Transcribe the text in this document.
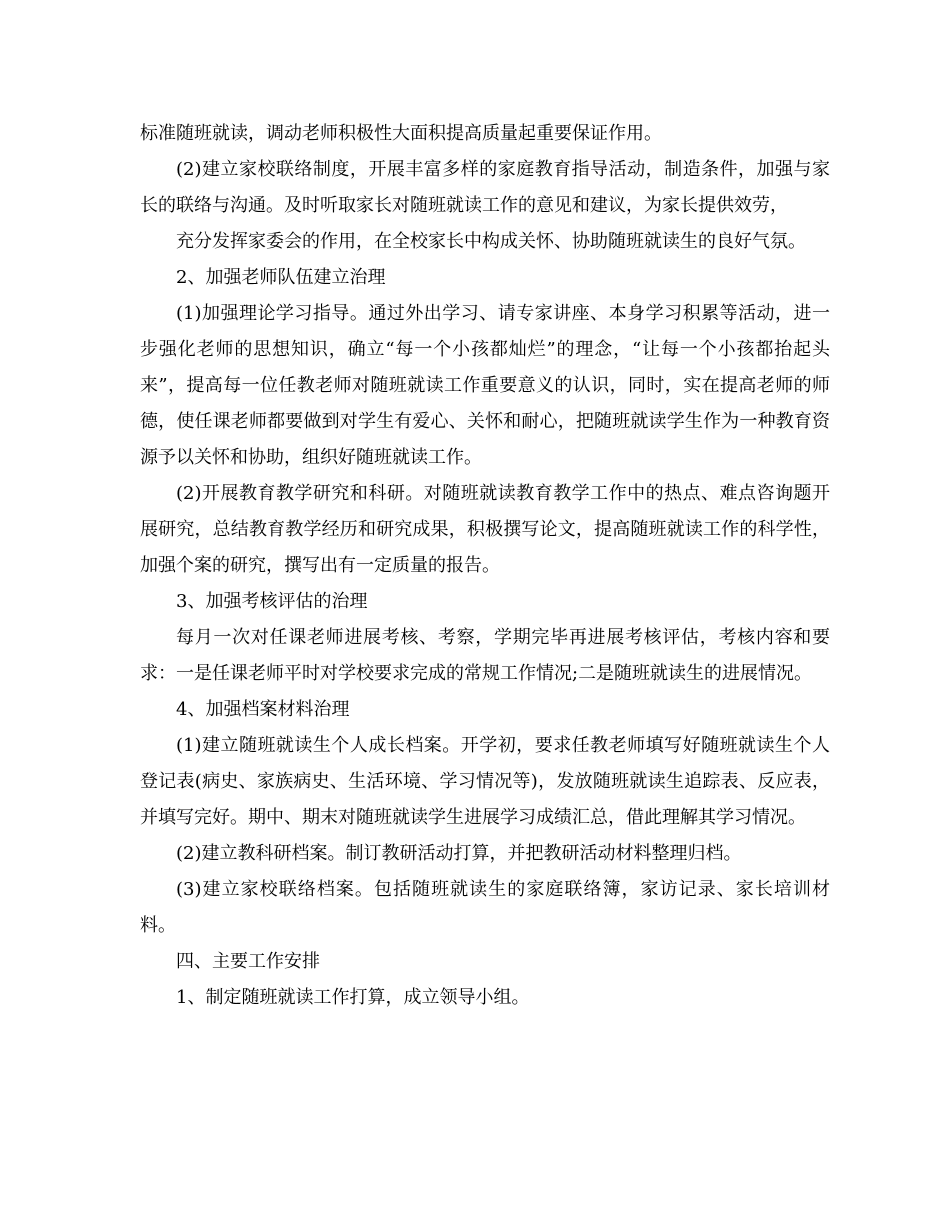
标准随班就读，调动老师积极性大面积提高质量起重要保证作用。

(2)建立家校联络制度，开展丰富多样的家庭教育指导活动，制造条件，加强与家长的联络与沟通。及时听取家长对随班就读工作的意见和建议，为家长提供效劳，

充分发挥家委会的作用，在全校家长中构成关怀、协助随班就读生的良好气氛。

2、加强老师队伍建立治理

(1)加强理论学习指导。通过外出学习、请专家讲座、本身学习积累等活动，进一步强化老师的思想知识，确立“每一个小孩都灿烂”的理念，“让每一个小孩都抬起头来”，提高每一位任教老师对随班就读工作重要意义的认识，同时，实在提高老师的师德，使任课老师都要做到对学生有爱心、关怀和耐心，把随班就读学生作为一种教育资源予以关怀和协助，组织好随班就读工作。

(2)开展教育教学研究和科研。对随班就读教育教学工作中的热点、难点咨询题开展研究，总结教育教学经历和研究成果，积极撰写论文，提高随班就读工作的科学性，加强个案的研究，撰写出有一定质量的报告。

3、加强考核评估的治理

每月一次对任课老师进展考核、考察，学期完毕再进展考核评估，考核内容和要求：一是任课老师平时对学校要求完成的常规工作情况;二是随班就读生的进展情况。

4、加强档案材料治理

(1)建立随班就读生个人成长档案。开学初，要求任教老师填写好随班就读生个人登记表(病史、家族病史、生活环境、学习情况等)，发放随班就读生追踪表、反应表，并填写完好。期中、期末对随班就读学生进展学习成绩汇总，借此理解其学习情况。

(2)建立教科研档案。制订教研活动打算，并把教研活动材料整理归档。

(3)建立家校联络档案。包括随班就读生的家庭联络簿，家访记录、家长培训材料。

四、主要工作安排

1、制定随班就读工作打算，成立领导小组。
